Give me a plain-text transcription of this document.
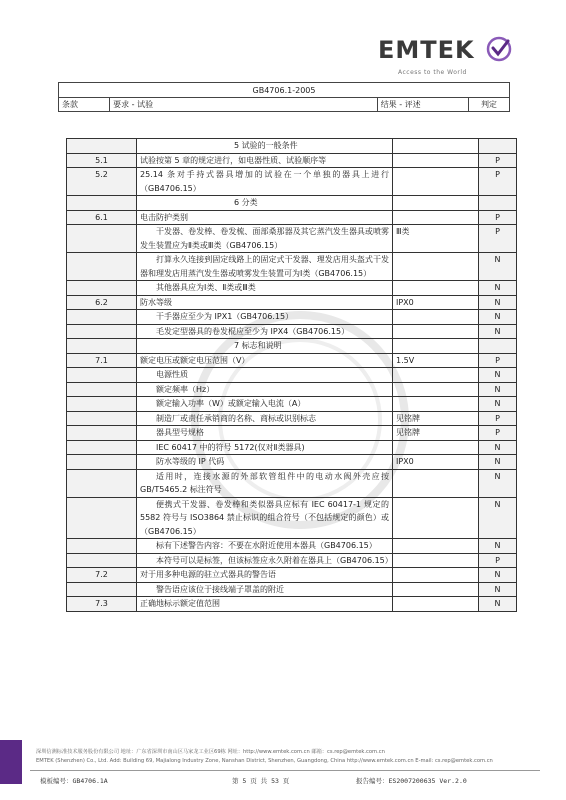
EMTEK
Access to the World
GB4706.1-2005
条款	要求 - 试验	结果 - 评述	判定
	5 试验的一般条件		
5.1	试验按第 5 章的规定进行，如电器性质、试验顺序等		P
5.2	25.14 条对手持式器具增加的试验在一个单独的器具上进行（GB4706.15）		P
	6 分类		
6.1	电击防护类别		P
	干发器、卷发棒、卷发梳、面部桑那器及其它蒸汽发生器具或喷雾发生装置应为Ⅱ类或Ⅲ类（GB4706.15）	Ⅲ类	P
	打算永久连接到固定线路上的固定式干发器、理发店用头盔式干发器和理发店用蒸汽发生器或喷雾发生装置可为Ⅰ类（GB4706.15）		N
	其他器具应为Ⅰ类、Ⅱ类或Ⅲ类		N
6.2	防水等级	IPX0	N
	干手器应至少为 IPX1（GB4706.15）		N
	毛发定型器具的卷发棍应至少为 IPX4（GB4706.15）		N
	7 标志和说明		
7.1	额定电压或额定电压范围（V）	1.5V	P
	电源性质		N
	额定频率（Hz）		N
	额定输入功率（W）或额定输入电流（A）		N
	制造厂或责任承销商的名称、商标或识别标志	见铭牌	P
	器具型号规格	见铭牌	P
	IEC 60417 中的符号 5172(仅对Ⅱ类器具)		N
	防水等级的 IP 代码	IPX0	N
	适用时，连接水源的外部软管组件中的电动水阀外壳应按 GB/T5465.2 标注符号		N
	便携式干发器、卷发棒和类似器具应标有 IEC 60417-1 规定的 5582 符号与 ISO3864 禁止标识的组合符号（不包括规定的颜色）或（GB4706.15）		N
	标有下述警告内容：不要在水附近使用本器具（GB4706.15）		N
	本符号可以是标签，但该标签应永久附着在器具上（GB4706.15）		P
7.2	对于用多种电源的驻立式器具的警告语		N
	警告语应该位于接线端子罩盖的附近		N
7.3	正确地标示额定值范围		N
深圳信测标准技术服务股份有限公司 地址：广东省深圳市南山区马家龙工业区69栋 网址：http://www.emtek.com.cn 邮箱：cs.rep@emtek.com.cn
EMTEK (Shenzhen) Co., Ltd. Add: Building 69, Majialong Industry Zone, Nanshan District, Shenzhen, Guangdong, China http://www.emtek.com.cn E-mail: cs.rep@emtek.com.cn
模板编号：GB4706.1A	第 5 页 共 53 页	报告编号：ES2007200635 Ver.2.0
